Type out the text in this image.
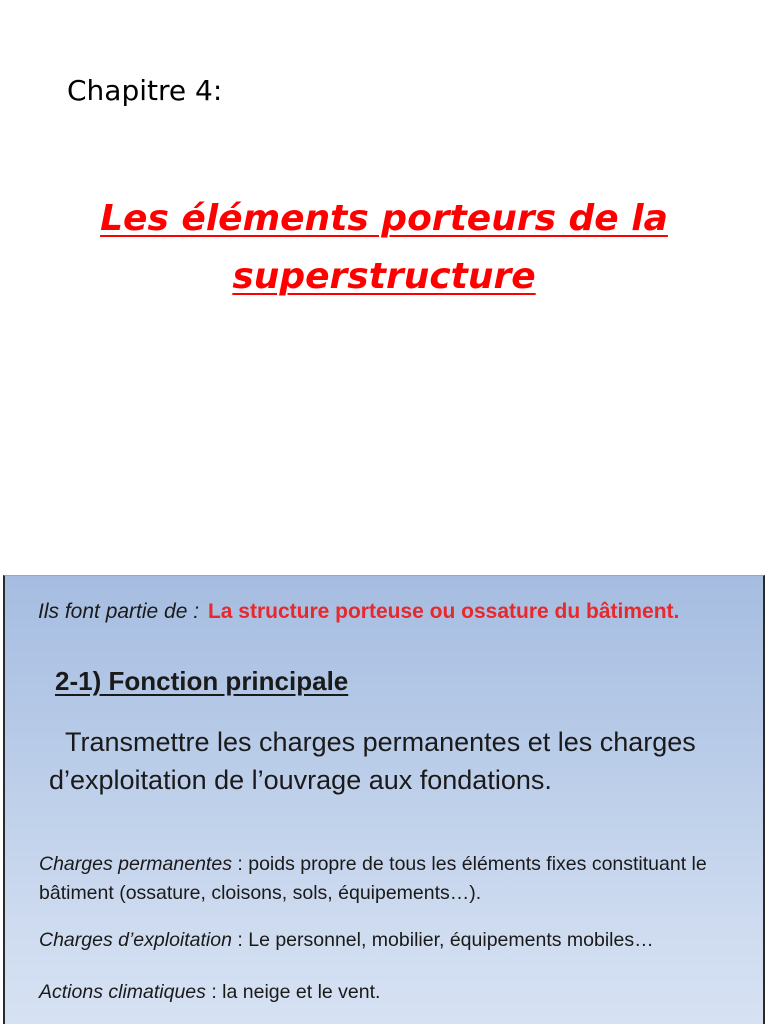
Chapitre 4:
Les éléments porteurs de la
superstructure
Ils font partie de : La structure porteuse ou ossature du bâtiment.
2-1) Fonction principale
Transmettre les charges permanentes et les charges
d’exploitation de l’ouvrage aux fondations.
Charges permanentes : poids propre de tous les éléments fixes constituant le bâtiment (ossature, cloisons, sols, équipements…).
Charges d’exploitation : Le personnel, mobilier, équipements mobiles…
Actions climatiques : la neige et le vent.
